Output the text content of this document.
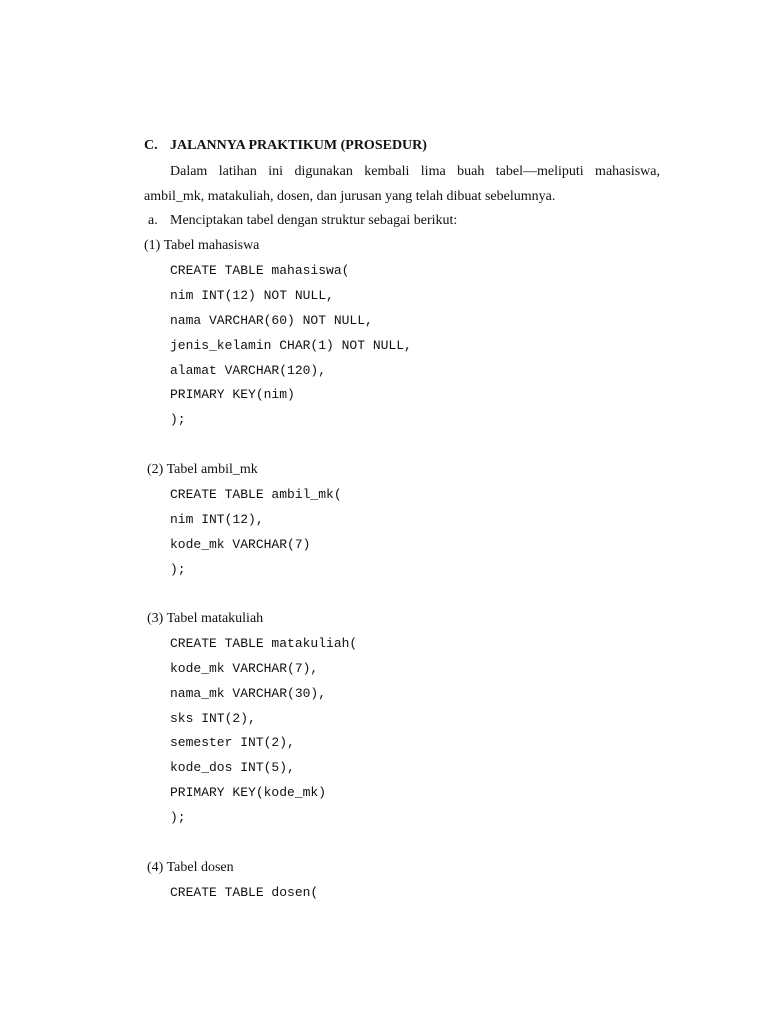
C. JALANNYA PRAKTIKUM (PROSEDUR)
Dalam latihan ini digunakan kembali lima buah tabel—meliputi mahasiswa, ambil_mk, matakuliah, dosen, dan jurusan yang telah dibuat sebelumnya.
a. Menciptakan tabel dengan struktur sebagai berikut:
(1) Tabel mahasiswa
CREATE TABLE mahasiswa(
nim INT(12) NOT NULL,
nama VARCHAR(60) NOT NULL,
jenis_kelamin CHAR(1) NOT NULL,
alamat VARCHAR(120),
PRIMARY KEY(nim)
);
(2) Tabel ambil_mk
CREATE TABLE ambil_mk(
nim INT(12),
kode_mk VARCHAR(7)
);
(3) Tabel matakuliah
CREATE TABLE matakuliah(
kode_mk VARCHAR(7),
nama_mk VARCHAR(30),
sks INT(2),
semester INT(2),
kode_dos INT(5),
PRIMARY KEY(kode_mk)
);
(4) Tabel dosen
CREATE TABLE dosen(
